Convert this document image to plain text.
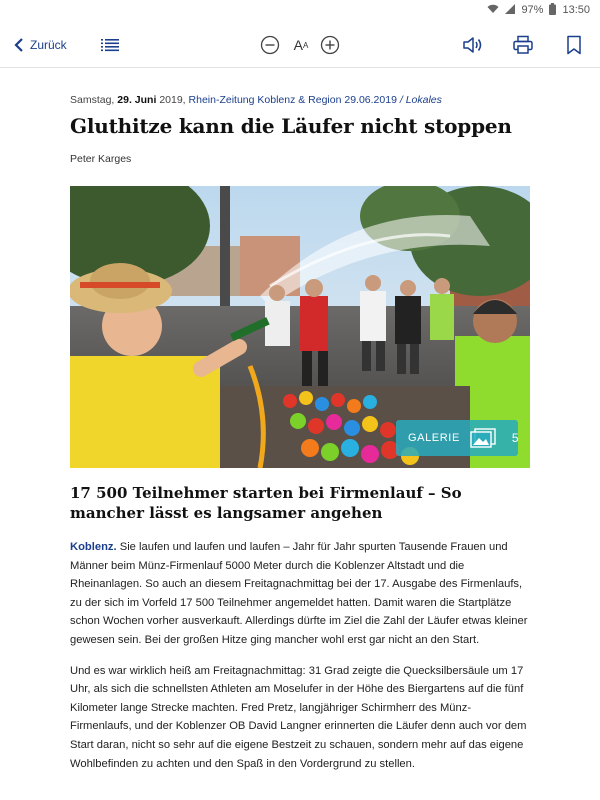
97% 13:50
Zurück	A A
Samstag, 29. Juni 2019, Rhein-Zeitung Koblenz & Region 29.06.2019 / Lokales
Gluthitze kann die Läufer nicht stoppen
Peter Karges
GALERIE	5
17 500 Teilnehmer starten bei Firmenlauf – So mancher lässt es langsamer angehen

Koblenz. Sie laufen und laufen und laufen – Jahr für Jahr spurten Tausende Frauen und Männer beim Münz-Firmenlauf 5000 Meter durch die Koblenzer Altstadt und die Rheinanlagen. So auch an diesem Freitagnachmittag bei der 17. Ausgabe des Firmenlaufs, zu der sich im Vorfeld 17 500 Teilnehmer angemeldet hatten. Damit waren die Startplätze schon Wochen vorher ausverkauft. Allerdings dürfte im Ziel die Zahl der Läufer etwas kleiner gewesen sein. Bei der großen Hitze ging mancher wohl erst gar nicht an den Start.

Und es war wirklich heiß am Freitagnachmittag: 31 Grad zeigte die Quecksilbersäule um 17 Uhr, als sich die schnellsten Athleten am Moselufer in der Höhe des Biergartens auf die fünf Kilometer lange Strecke machten. Fred Pretz, langjähriger Schirmherr des Münz-Firmenlaufs, und der Koblenzer OB David Langner erinnerten die Läufer denn auch vor dem Start daran, nicht so sehr auf die eigene Bestzeit zu schauen, sondern mehr auf das eigene Wohlbefinden zu achten und den Spaß in den Vordergrund zu stellen.
